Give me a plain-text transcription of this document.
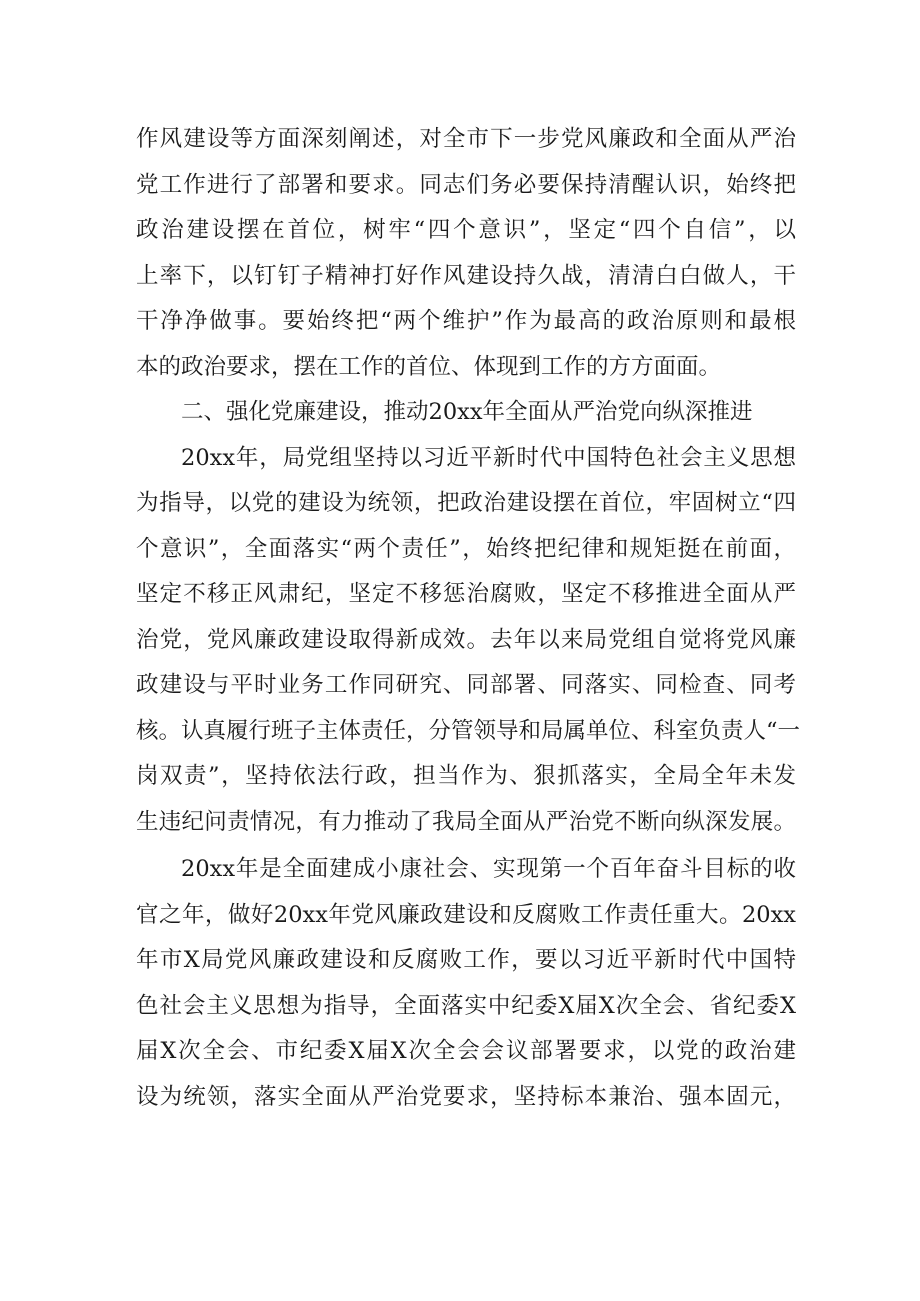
作风建设等方面深刻阐述，对全市下一步党风廉政和全面从严治
党工作进行了部署和要求。同志们务必要保持清醒认识，始终把
政治建设摆在首位，树牢“四个意识”，坚定“四个自信”，以
上率下，以钉钉子精神打好作风建设持久战，清清白白做人，干
干净净做事。要始终把“两个维护”作为最高的政治原则和最根
本的政治要求，摆在工作的首位、体现到工作的方方面面。
二、强化党廉建设，推动20xx年全面从严治党向纵深推进
20xx年，局党组坚持以习近平新时代中国特色社会主义思想
为指导，以党的建设为统领，把政治建设摆在首位，牢固树立“四
个意识”，全面落实“两个责任”，始终把纪律和规矩挺在前面，
坚定不移正风肃纪，坚定不移惩治腐败，坚定不移推进全面从严
治党，党风廉政建设取得新成效。去年以来局党组自觉将党风廉
政建设与平时业务工作同研究、同部署、同落实、同检查、同考
核。认真履行班子主体责任，分管领导和局属单位、科室负责人“一
岗双责”，坚持依法行政，担当作为、狠抓落实，全局全年未发
生违纪问责情况，有力推动了我局全面从严治党不断向纵深发展。
20xx年是全面建成小康社会、实现第一个百年奋斗目标的收
官之年，做好20xx年党风廉政建设和反腐败工作责任重大。20xx
年市X局党风廉政建设和反腐败工作，要以习近平新时代中国特
色社会主义思想为指导，全面落实中纪委X届X次全会、省纪委X
届X次全会、市纪委X届X次全会会议部署要求，以党的政治建
设为统领，落实全面从严治党要求，坚持标本兼治、强本固元，
